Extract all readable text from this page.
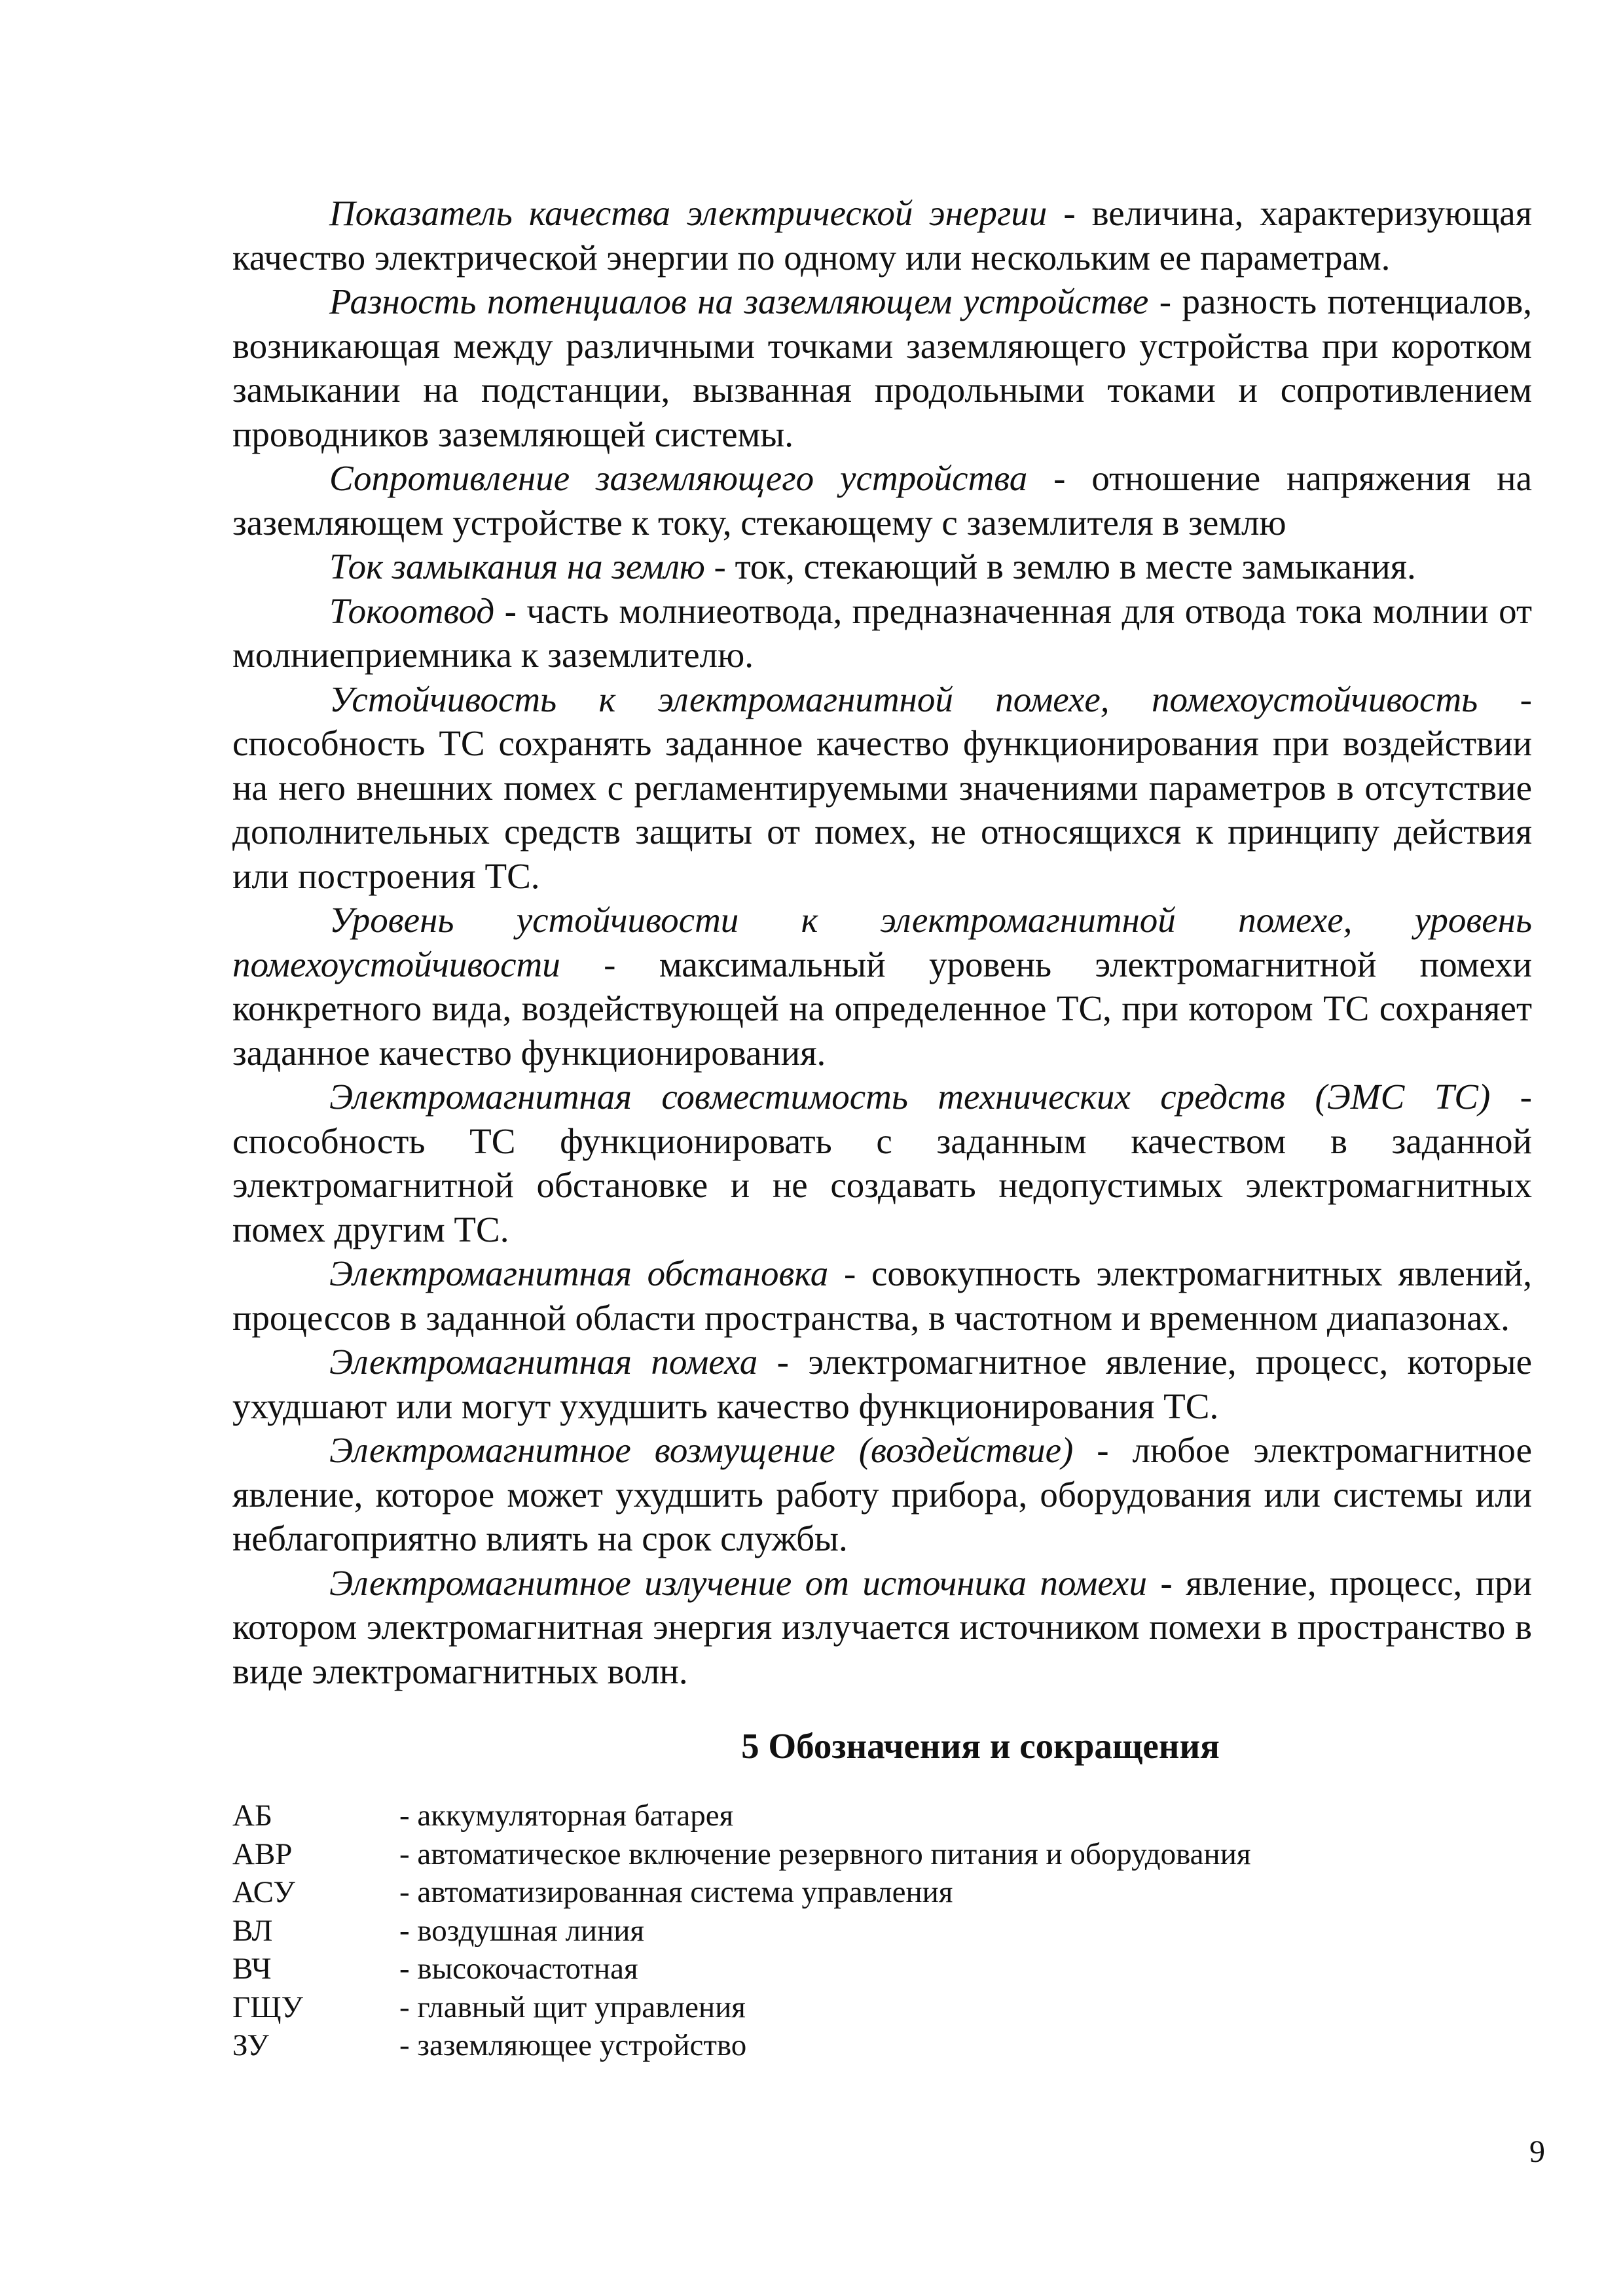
Показатель качества электрической энергии - величина, характеризующая качество электрической энергии по одному или нескольким ее параметрам.

Разность потенциалов на заземляющем устройстве - разность потенциалов, возникающая между различными точками заземляющего устройства при коротком замыкании на подстанции, вызванная продольными токами и сопротивлением проводников заземляющей системы.

Сопротивление заземляющего устройства - отношение напряжения на заземляющем устройстве к току, стекающему с заземлителя в землю

Ток замыкания на землю - ток, стекающий в землю в месте замыкания.

Токоотвод - часть молниеотвода, предназначенная для отвода тока молнии от молниеприемника к заземлителю.

Устойчивость к электромагнитной помехе, помехоустойчивость - способность ТС сохранять заданное качество функционирования при воздействии на него внешних помех с регламентируемыми значениями параметров в отсутствие дополнительных средств защиты от помех, не относящихся к принципу действия или построения ТС.

Уровень устойчивости к электромагнитной помехе, уровень помехоустойчивости - максимальный уровень электромагнитной помехи конкретного вида, воздействующей на определенное ТС, при котором ТС сохраняет заданное качество функционирования.

Электромагнитная совместимость технических средств (ЭМС ТС) - способность ТС функционировать с заданным качеством в заданной электромагнитной обстановке и не создавать недопустимых электромагнитных помех другим ТС.

Электромагнитная обстановка - совокупность электромагнитных явлений, процессов в заданной области пространства, в частотном и временном диапазонах.

Электромагнитная помеха - электромагнитное явление, процесс, которые ухудшают или могут ухудшить качество функционирования ТС.

Электромагнитное возмущение (воздействие) - любое электромагнитное явление, которое может ухудшить работу прибора, оборудования или системы или неблагоприятно влиять на срок службы.

Электромагнитное излучение от источника помехи - явление, процесс, при котором электромагнитная энергия излучается источником помехи в пространство в виде электромагнитных волн.

5 Обозначения и сокращения
АБ	- аккумуляторная батарея
АВР	- автоматическое включение резервного питания и оборудования
АСУ	- автоматизированная система управления
ВЛ	- воздушная линия
ВЧ	- высокочастотная
ГЩУ	- главный щит управления
ЗУ	- заземляющее устройство
9
